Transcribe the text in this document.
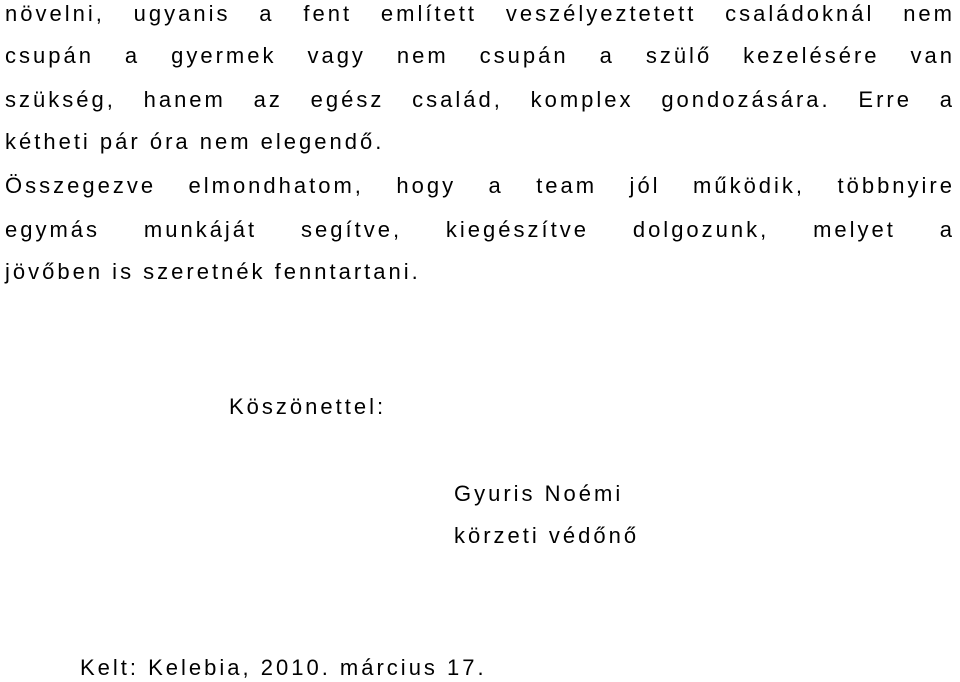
növelni, ugyanis a fent említett veszélyeztetett családoknál nem
csupán a gyermek vagy nem csupán a szülő kezelésére van
szükség, hanem az egész család, komplex gondozására. Erre a
kétheti pár óra nem elegendő.
Összegezve elmondhatom, hogy a team jól működik, többnyire
egymás munkáját segítve, kiegészítve dolgozunk, melyet a
jövőben is szeretnék fenntartani.
Köszönettel:
Gyuris Noémi
körzeti védőnő
Kelt: Kelebia, 2010. március 17.
